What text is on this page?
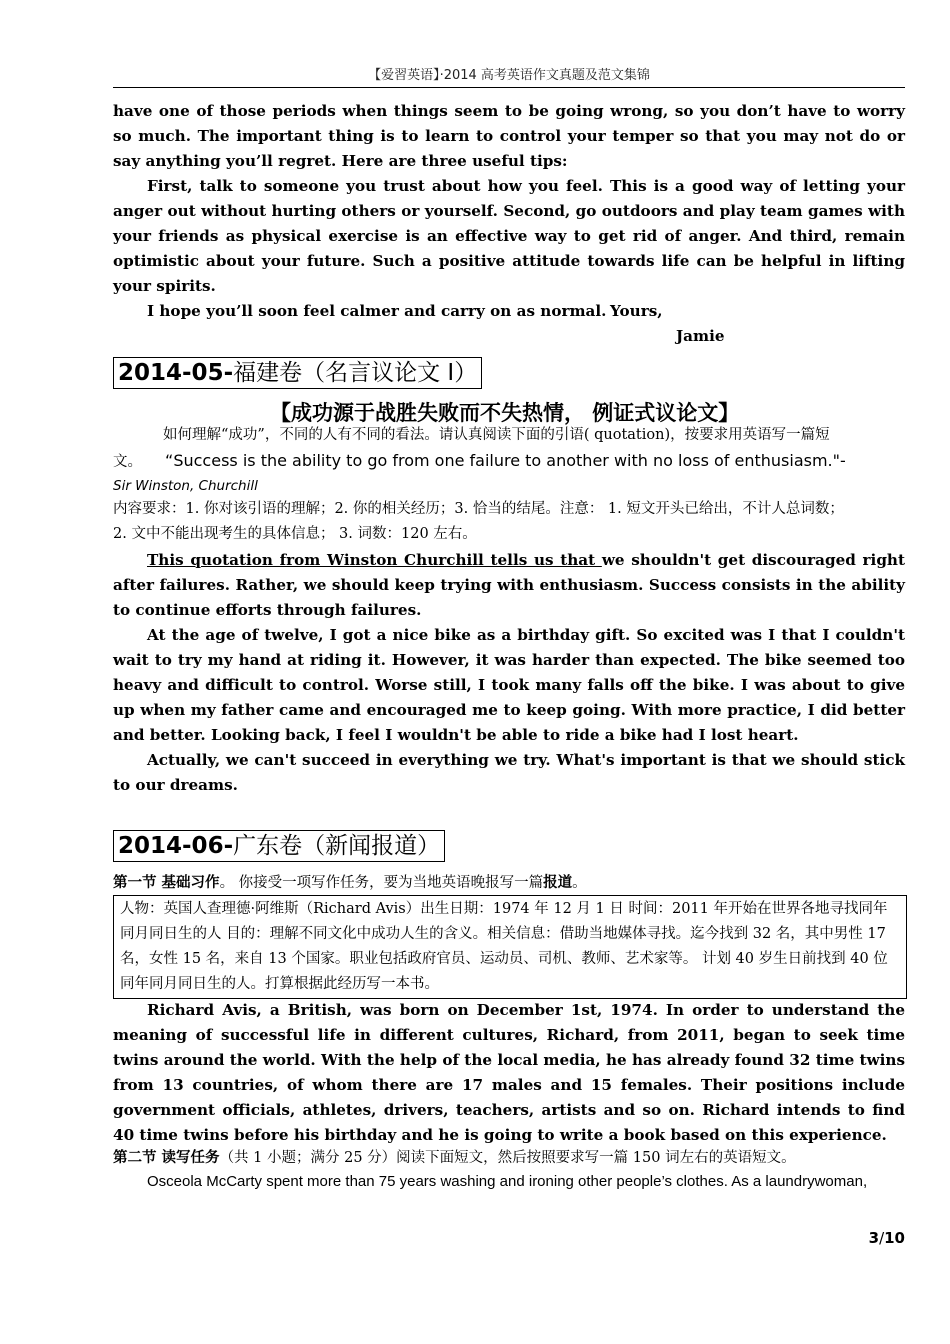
【爱習英语】·2014 高考英语作文真题及范文集锦

have one of those periods when things seem to be going wrong, so you don’t have to worry so much. The important thing is to learn to control your temper so that you may not do or say anything you’ll regret. Here are three useful tips:

First, talk to someone you trust about how you feel. This is a good way of letting your anger out without hurting others or yourself. Second, go outdoors and play team games with your friends as physical exercise is an effective way to get rid of anger. And third, remain optimistic about your future. Such a positive attitude towards life can be helpful in lifting your spirits.

I hope you’ll soon feel calmer and carry on as normal. Yours,
Jamie
2014-05-福建卷（名言议论文 I）
【成功源于战胜失败而不失热情， 例证式议论文】
如何理解“成功”，不同的人有不同的看法。请认真阅读下面的引语( quotation)，按要求用英语写一篇短文。 “Success is the ability to go from one failure to another with no loss of enthusiasm."-
Sir Winston, Churchill
内容要求：1. 你对该引语的理解；2. 你的相关经历；3. 恰当的结尾。注意： 1. 短文开头已给出，不计人总词数；
2. 文中不能出现考生的具体信息； 3. 词数：120 左右。

This quotation from Winston Churchill tells us that we shouldn't get discouraged right after failures. Rather, we should keep trying with enthusiasm. Success consists in the ability to continue efforts through failures.

At the age of twelve, I got a nice bike as a birthday gift. So excited was I that I couldn't wait to try my hand at riding it. However, it was harder than expected. The bike seemed too heavy and difficult to control. Worse still, I took many falls off the bike. I was about to give up when my father came and encouraged me to keep going. With more practice, I did better and better. Looking back, I feel I wouldn't be able to ride a bike had I lost heart.

Actually, we can't succeed in everything we try. What's important is that we should stick to our dreams.

2014-06-广东卷（新闻报道）
第一节 基础习作。 你接受一项写作任务，要为当地英语晚报写一篇报道。
人物：英国人查理德·阿维斯（Richard Avis）出生日期：1974 年 12 月 1 日 时间：2011 年开始在世界各地寻找同年同月同日生的人 目的：理解不同文化中成功人生的含义。相关信息：借助当地媒体寻找。迄今找到 32 名，其中男性 17 名，女性 15 名，来自 13 个国家。职业包括政府官员、运动员、司机、教师、艺术家等。 计划 40 岁生日前找到 40 位同年同月同日生的人。打算根据此经历写一本书。

Richard Avis, a British, was born on December 1st, 1974. In order to understand the meaning of successful life in different cultures, Richard, from 2011, began to seek time twins around the world. With the help of the local media, he has already found 32 time twins from 13 countries, of whom there are 17 males and 15 females. Their positions include government officials, athletes, drivers, teachers, artists and so on. Richard intends to find 40 time twins before his birthday and he is going to write a book based on this experience.

第二节 读写任务（共 1 小题；满分 25 分）阅读下面短文，然后按照要求写一篇 150 词左右的英语短文。
Osceola McCarty spent more than 75 years washing and ironing other people’s clothes. As a laundrywoman,
3/10
